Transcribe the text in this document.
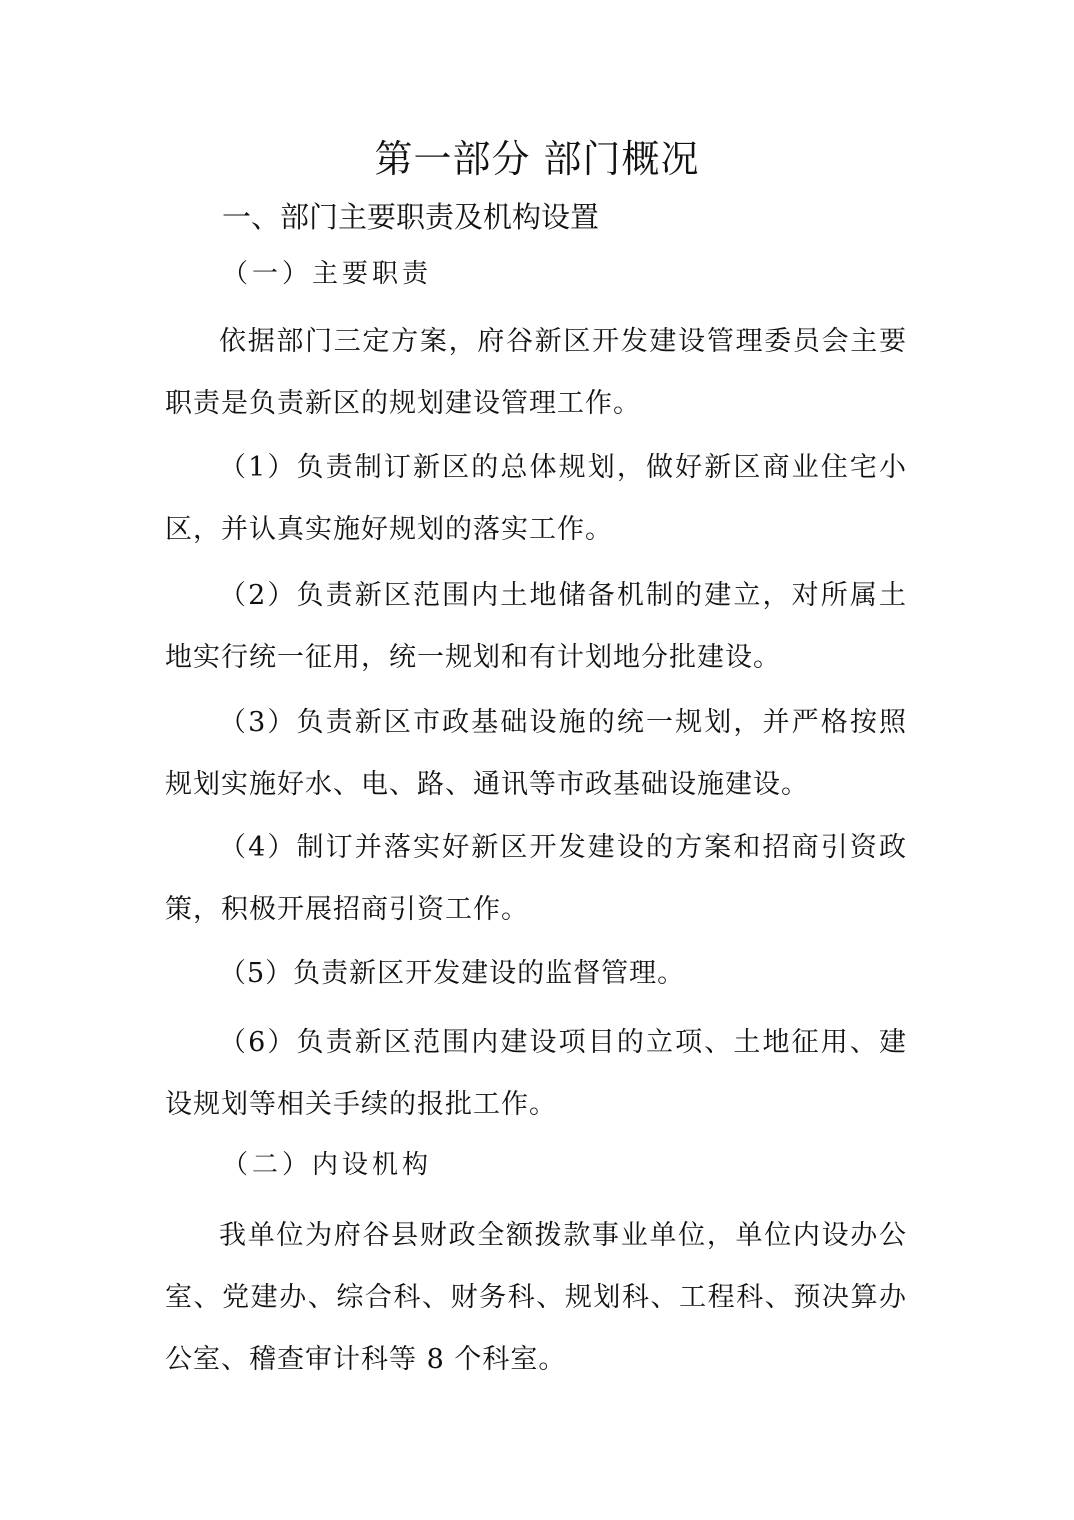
第一部分 部门概况
一、部门主要职责及机构设置
（一）主要职责

依据部门三定方案，府谷新区开发建设管理委员会主要职责是负责新区的规划建设管理工作。

（1）负责制订新区的总体规划，做好新区商业住宅小区，并认真实施好规划的落实工作。

（2）负责新区范围内土地储备机制的建立，对所属土地实行统一征用，统一规划和有计划地分批建设。

（3）负责新区市政基础设施的统一规划，并严格按照规划实施好水、电、路、通讯等市政基础设施建设。

（4）制订并落实好新区开发建设的方案和招商引资政策，积极开展招商引资工作。

（5）负责新区开发建设的监督管理。

（6）负责新区范围内建设项目的立项、土地征用、建设规划等相关手续的报批工作。

（二）内设机构

我单位为府谷县财政全额拨款事业单位，单位内设办公室、党建办、综合科、财务科、规划科、工程科、预决算办公室、稽查审计科等 8 个科室。
